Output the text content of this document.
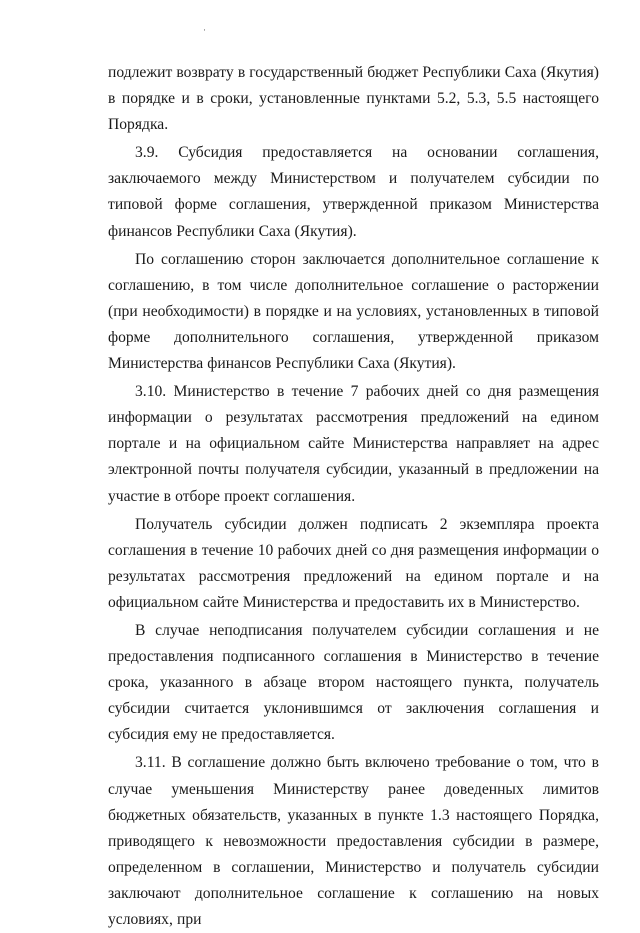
·

подлежит возврату в государственный бюджет Республики Саха (Якутия) в порядке и в сроки, установленные пунктами 5.2, 5.3, 5.5 настоящего Порядка.

3.9. Субсидия предоставляется на основании соглашения, заключаемого между Министерством и получателем субсидии по типовой форме соглашения, утвержденной приказом Министерства финансов Республики Саха (Якутия).

По соглашению сторон заключается дополнительное соглашение к соглашению, в том числе дополнительное соглашение о расторжении (при необходимости) в порядке и на условиях, установленных в типовой форме дополнительного соглашения, утвержденной приказом Министерства финансов Республики Саха (Якутия).

3.10. Министерство в течение 7 рабочих дней со дня размещения информации о результатах рассмотрения предложений на едином портале и на официальном сайте Министерства направляет на адрес электронной почты получателя субсидии, указанный в предложении на участие в отборе проект соглашения.

Получатель субсидии должен подписать 2 экземпляра проекта соглашения в течение 10 рабочих дней со дня размещения информации о результатах рассмотрения предложений на едином портале и на официальном сайте Министерства и предоставить их в Министерство.

В случае неподписания получателем субсидии соглашения и не предоставления подписанного соглашения в Министерство в течение срока, указанного в абзаце втором настоящего пункта, получатель субсидии считается уклонившимся от заключения соглашения и субсидия ему не предоставляется.

3.11. В соглашение должно быть включено требование о том, что в случае уменьшения Министерству ранее доведенных лимитов бюджетных обязательств, указанных в пункте 1.3 настоящего Порядка, приводящего к невозможности предоставления субсидии в размере, определенном в соглашении, Министерство и получатель субсидии заключают дополнительное соглашение к соглашению на новых условиях, при
